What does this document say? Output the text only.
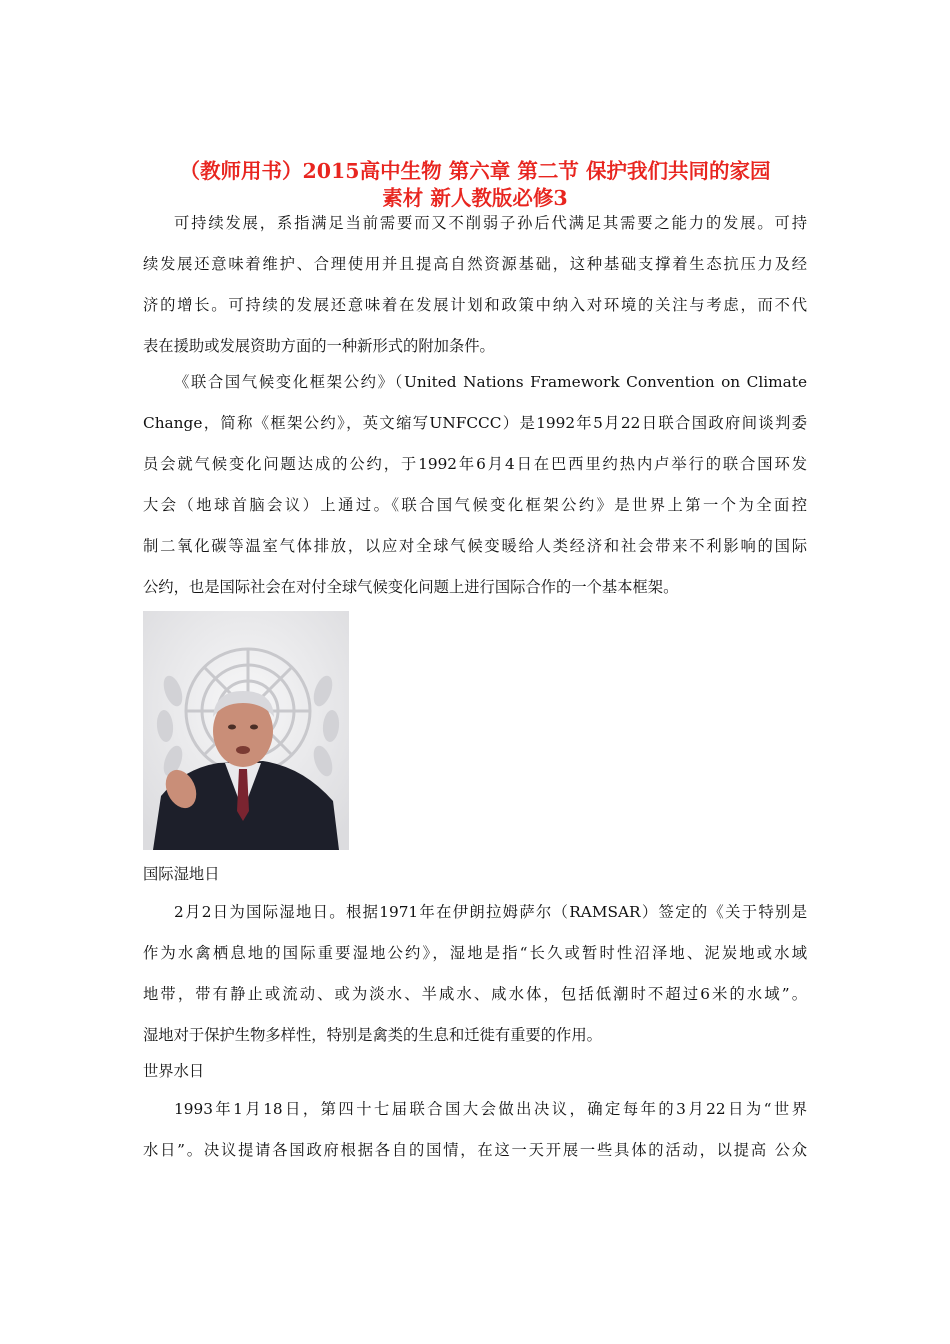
（教师用书）2015高中生物 第六章 第二节 保护我们共同的家园
素材 新人教版必修3
可持续发展，系指满足当前需要而又不削弱子孙后代满足其需要之能力的发展。可持
续发展还意味着维护、合理使用并且提高自然资源基础，这种基础支撑着生态抗压力及经
济的增长。可持续的发展还意味着在发展计划和政策中纳入对环境的关注与考虑，而不代
表在援助或发展资助方面的一种新形式的附加条件。
《联合国气候变化框架公约》（United Nations Framework Convention on Climate
Change，简称《框架公约》，英文缩写UNFCCC）是1992年5月22日联合国政府间谈判委
员会就气候变化问题达成的公约，于1992年6月4日在巴西里约热内卢举行的联合国环发
大会（地球首脑会议）上通过。《联合国气候变化框架公约》是世界上第一个为全面控
制二氧化碳等温室气体排放，以应对全球气候变暖给人类经济和社会带来不利影响的国际
公约，也是国际社会在对付全球气候变化问题上进行国际合作的一个基本框架。
国际湿地日
2月2日为国际湿地日。根据1971年在伊朗拉姆萨尔（RAMSAR）签定的《关于特别是
作为水禽栖息地的国际重要湿地公约》，湿地是指“长久或暂时性沼泽地、泥炭地或水域
地带，带有静止或流动、或为淡水、半咸水、咸水体，包括低潮时不超过6米的水域”。
湿地对于保护生物多样性，特别是禽类的生息和迁徙有重要的作用。
世界水日
1993年1月18日，第四十七届联合国大会做出决议，确定每年的3月22日为“世界
水日”。决议提请各国政府根据各自的国情，在这一天开展一些具体的活动，以提高 公众
